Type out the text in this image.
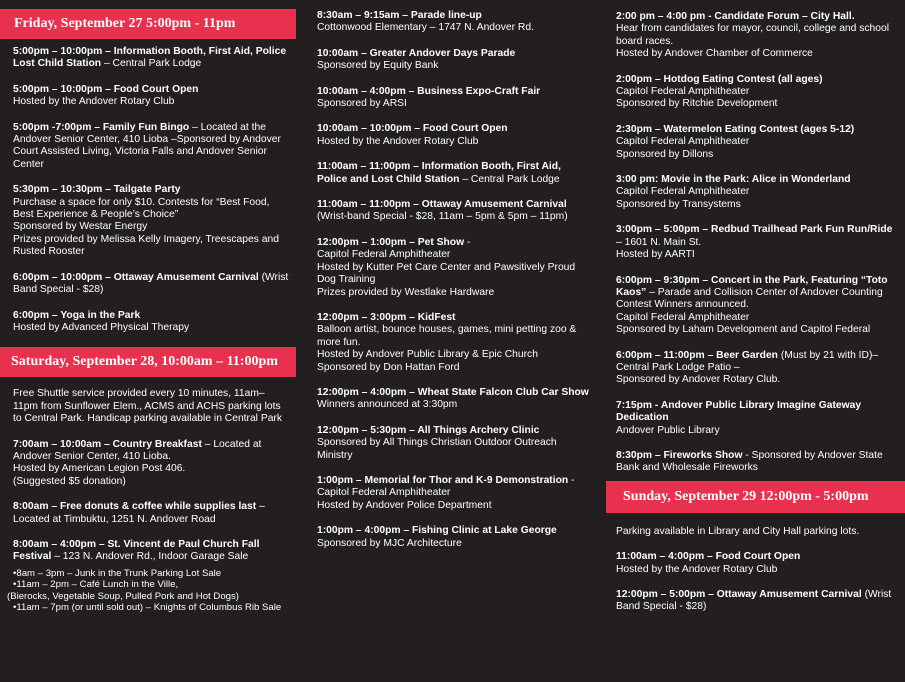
Friday, September 27 5:00pm - 11pm
5:00pm – 10:00pm – Information Booth, First Aid, Police Lost Child Station – Central Park Lodge
5:00pm – 10:00pm – Food Court Open
Hosted by the Andover Rotary Club
5:00pm -7:00pm – Family Fun Bingo – Located at the Andover Senior Center, 410 Lioba –Sponsored by Andover Court Assisted Living, Victoria Falls and Andover Senior Center
5:30pm – 10:30pm – Tailgate Party
Purchase a space for only $10. Contests for “Best Food, Best Experience & People’s Choice”
Sponsored by Westar Energy
Prizes provided by Melissa Kelly Imagery, Treescapes and Rusted Rooster
6:00pm – 10:00pm – Ottaway Amusement Carnival (Wrist Band Special - $28)
6:00pm – Yoga in the Park
Hosted by Advanced Physical Therapy
Saturday, September 28, 10:00am – 11:00pm
Free Shuttle service provided every 10 minutes, 11am– 11pm from Sunflower Elem., ACMS and ACHS parking lots to Central Park. Handicap parking available in Central Park
7:00am – 10:00am – Country Breakfast – Located at Andover Senior Center, 410 Lioba.
Hosted by American Legion Post 406.
(Suggested $5 donation)
8:00am – Free donuts & coffee while supplies last – Located at Timbuktu, 1251 N. Andover Road
8:00am – 4:00pm – St. Vincent de Paul Church Fall Festival – 123 N. Andover Rd., Indoor Garage Sale
•8am – 3pm – Junk in the Trunk Parking Lot Sale
•11am – 2pm – Café Lunch in the Ville,
(Bierocks, Vegetable Soup, Pulled Pork and Hot Dogs)
•11am – 7pm (or until sold out) – Knights of Columbus Rib Sale
8:30am – 9:15am – Parade line-up
Cottonwood Elementary – 1747 N. Andover Rd.
10:00am – Greater Andover Days Parade
Sponsored by Equity Bank
10:00am – 4:00pm – Business Expo-Craft Fair
Sponsored by ARSI
10:00am – 10:00pm – Food Court Open
Hosted by the Andover Rotary Club
11:00am – 11:00pm – Information Booth, First Aid, Police and Lost Child Station – Central Park Lodge
11:00am – 11:00pm – Ottaway Amusement Carnival (Wrist-band Special - $28, 11am – 5pm & 5pm – 11pm)
12:00pm – 1:00pm – Pet Show -
Capitol Federal Amphitheater
Hosted by Kutter Pet Care Center and Pawsitively Proud Dog Training
Prizes provided by Westlake Hardware
12:00pm – 3:00pm – KidFest
Balloon artist, bounce houses, games, mini petting zoo & more fun.
Hosted by Andover Public Library & Epic Church
Sponsored by Don Hattan Ford
12:00pm – 4:00pm – Wheat State Falcon Club Car Show
Winners announced at 3:30pm
12:00pm – 5:30pm – All Things Archery Clinic
Sponsored by All Things Christian Outdoor Outreach Ministry
1:00pm – Memorial for Thor and K-9 Demonstration - Capitol Federal Amphitheater
Hosted by Andover Police Department
1:00pm – 4:00pm – Fishing Clinic at Lake George
Sponsored by MJC Architecture
2:00 pm – 4:00 pm - Candidate Forum – City Hall.
Hear from candidates for mayor, council, college and school board races.
Hosted by Andover Chamber of Commerce
2:00pm – Hotdog Eating Contest (all ages)
Capitol Federal Amphitheater
Sponsored by Ritchie Development
2:30pm – Watermelon Eating Contest (ages 5-12)
Capitol Federal Amphitheater
Sponsored by Dillons
3:00 pm: Movie in the Park: Alice in Wonderland
Capitol Federal Amphitheater
Sponsored by Transystems
3:00pm – 5:00pm – Redbud Trailhead Park Fun Run/Ride – 1601 N. Main St.
Hosted by AARTI
6:00pm – 9:30pm – Concert in the Park, Featuring “Toto Kaos” – Parade and Collision Center of Andover Counting Contest Winners announced.
Capitol Federal Amphitheater
Sponsored by Laham Development and Capitol Federal
6:00pm – 11:00pm – Beer Garden (Must by 21 with ID)– Central Park Lodge Patio –
Sponsored by Andover Rotary Club.
7:15pm - Andover Public Library Imagine Gateway Dedication
Andover Public Library
8:30pm – Fireworks Show - Sponsored by Andover State Bank and Wholesale Fireworks
Sunday, September 29 12:00pm - 5:00pm
Parking available in Library and City Hall parking lots.
11:00am – 4:00pm – Food Court Open
Hosted by the Andover Rotary Club
12:00pm – 5:00pm – Ottaway Amusement Carnival (Wrist Band Special - $28)
